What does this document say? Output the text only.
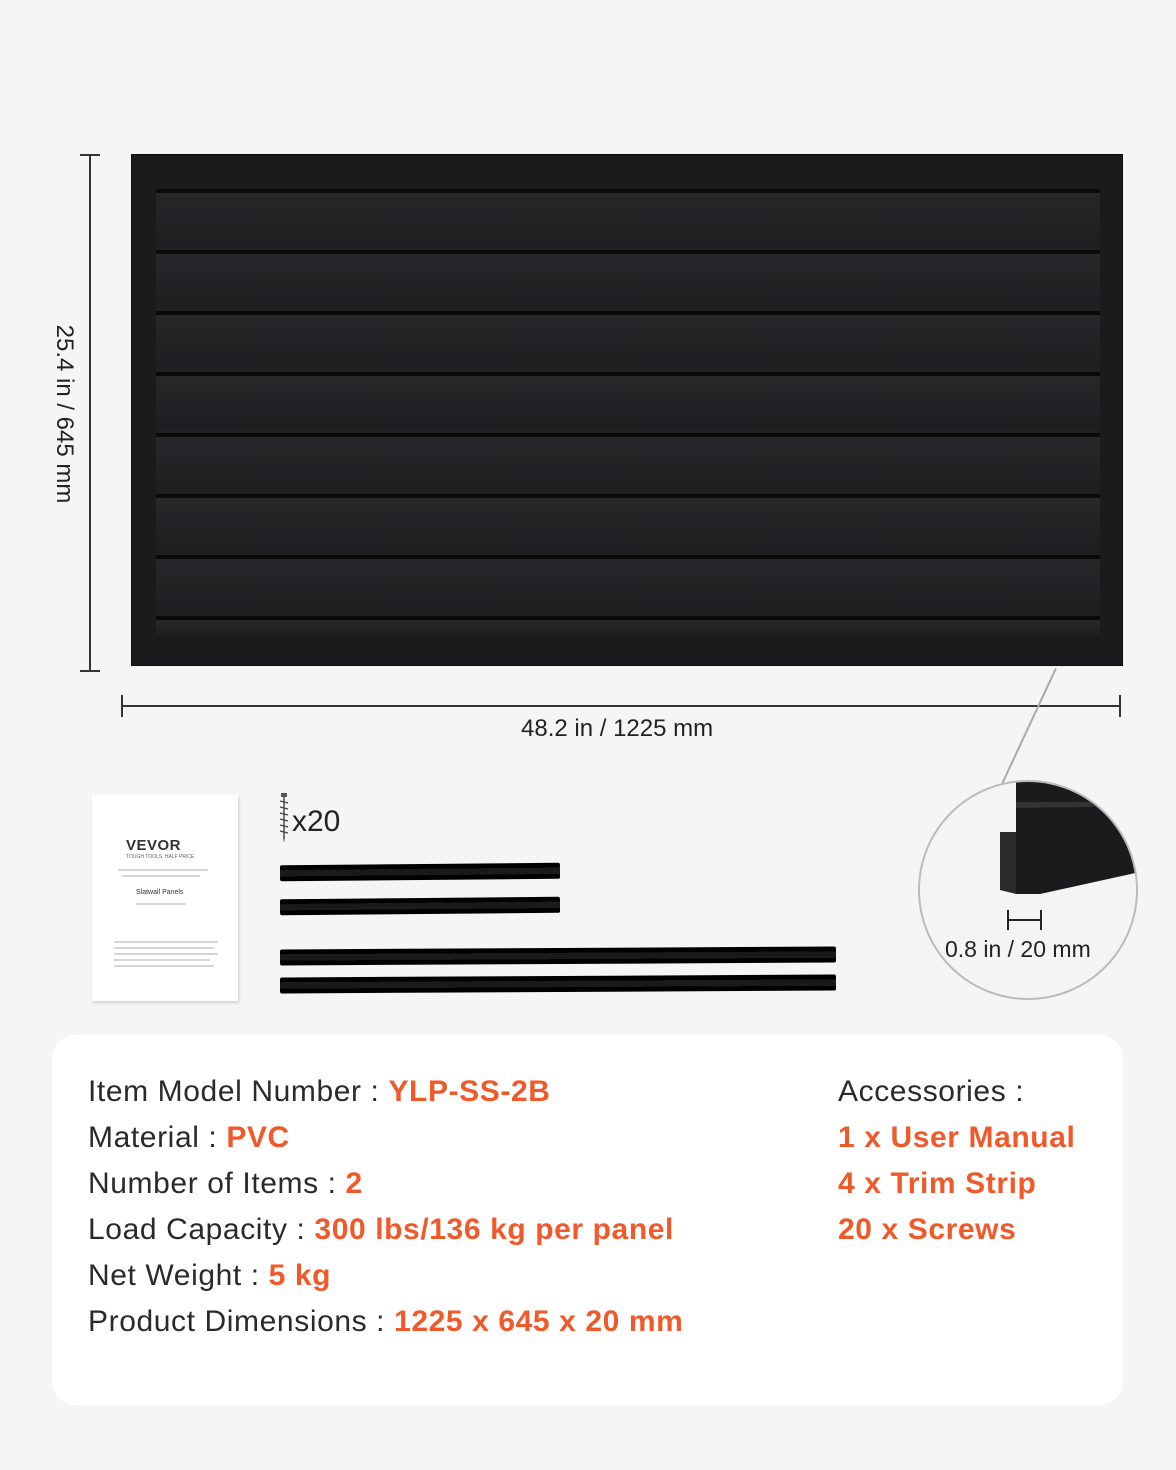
25.4 in / 645 mm
48.2 in / 1225 mm
VEVOR
TOUGH TOOLS, HALF PRICE
Slatwall Panels
x20
0.8 in / 20 mm
Item Model Number : YLP-SS-2B
Material : PVC
Number of Items : 2
Load Capacity : 300 lbs/136 kg per panel
Net Weight : 5 kg
Product Dimensions : 1225 x 645 x 20 mm
Accessories :
1 x User Manual
4 x Trim Strip
20 x Screws
